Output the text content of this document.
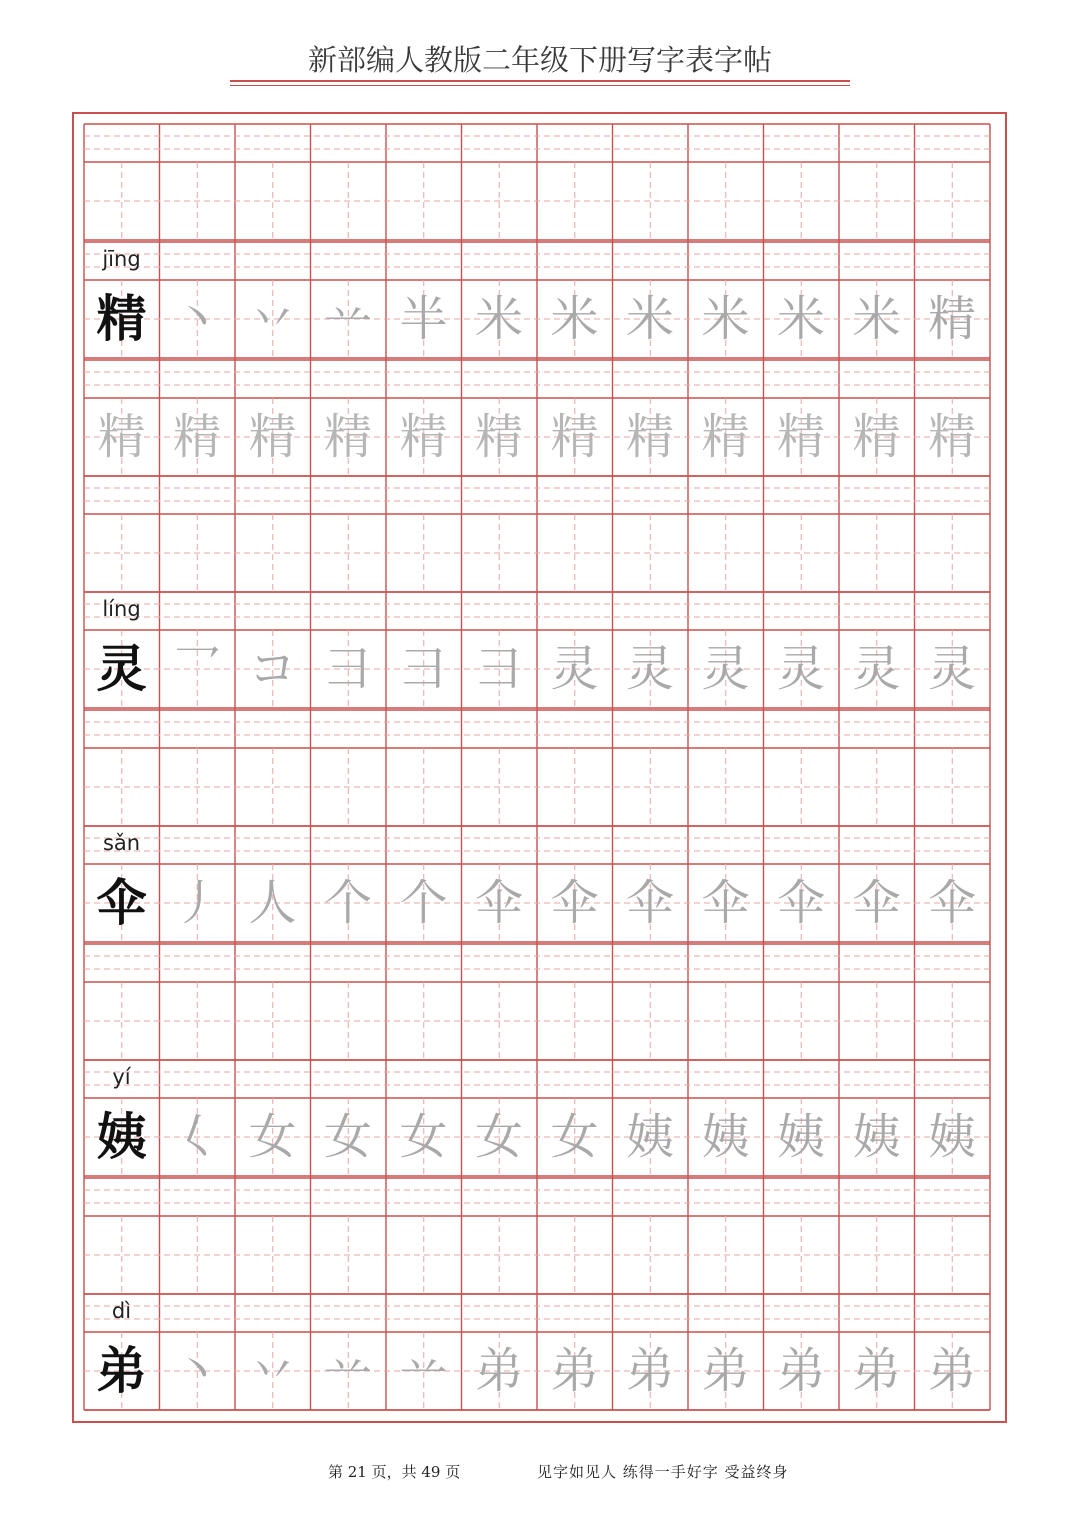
新部编人教版二年级下册写字表字帖
jīng
精 丶 丷 䒑 半 米 米 米 米 米 米 精
精 精 精 精 精 精 精 精 精 精 精 精
líng
灵 乛 コ 彐 彐 彐 灵 灵 灵 灵 灵 灵
sǎn
伞 丿 人 个 个 伞 伞 伞 伞 伞 伞 伞
yí
姨 𡿨 女 女 女 女 女 姨 姨 姨 姨 姨
dì
弟 丶 丷 䒑 䒑 弟 弟 弟 弟 弟 弟 弟
第 21 页，共 49 页	见字如见人 练得一手好字 受益终身
